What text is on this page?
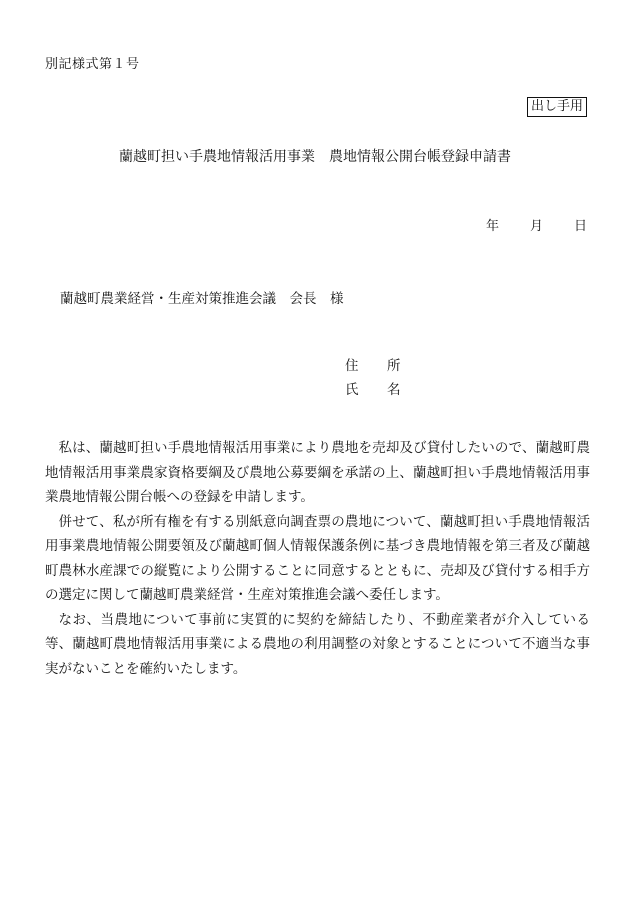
別記様式第１号
出し手用
蘭越町担い手農地情報活用事業　農地情報公開台帳登録申請書
年	月	日
蘭越町農業経営・生産対策推進会議　会長　様
住 所
氏 名

私は、蘭越町担い手農地情報活用事業により農地を売却及び貸付したいので、蘭越町農地情報活用事業農家資格要綱及び農地公募要綱を承諾の上、蘭越町担い手農地情報活用事業農地情報公開台帳への登録を申請します。

併せて、私が所有権を有する別紙意向調査票の農地について、蘭越町担い手農地情報活用事業農地情報公開要領及び蘭越町個人情報保護条例に基づき農地情報を第三者及び蘭越町農林水産課での縦覧により公開することに同意するとともに、売却及び貸付する相手方の選定に関して蘭越町農業経営・生産対策推進会議へ委任します。

なお、当農地について事前に実質的に契約を締結したり、不動産業者が介入している等、蘭越町農地情報活用事業による農地の利用調整の対象とすることについて不適当な事実がないことを確約いたします。
